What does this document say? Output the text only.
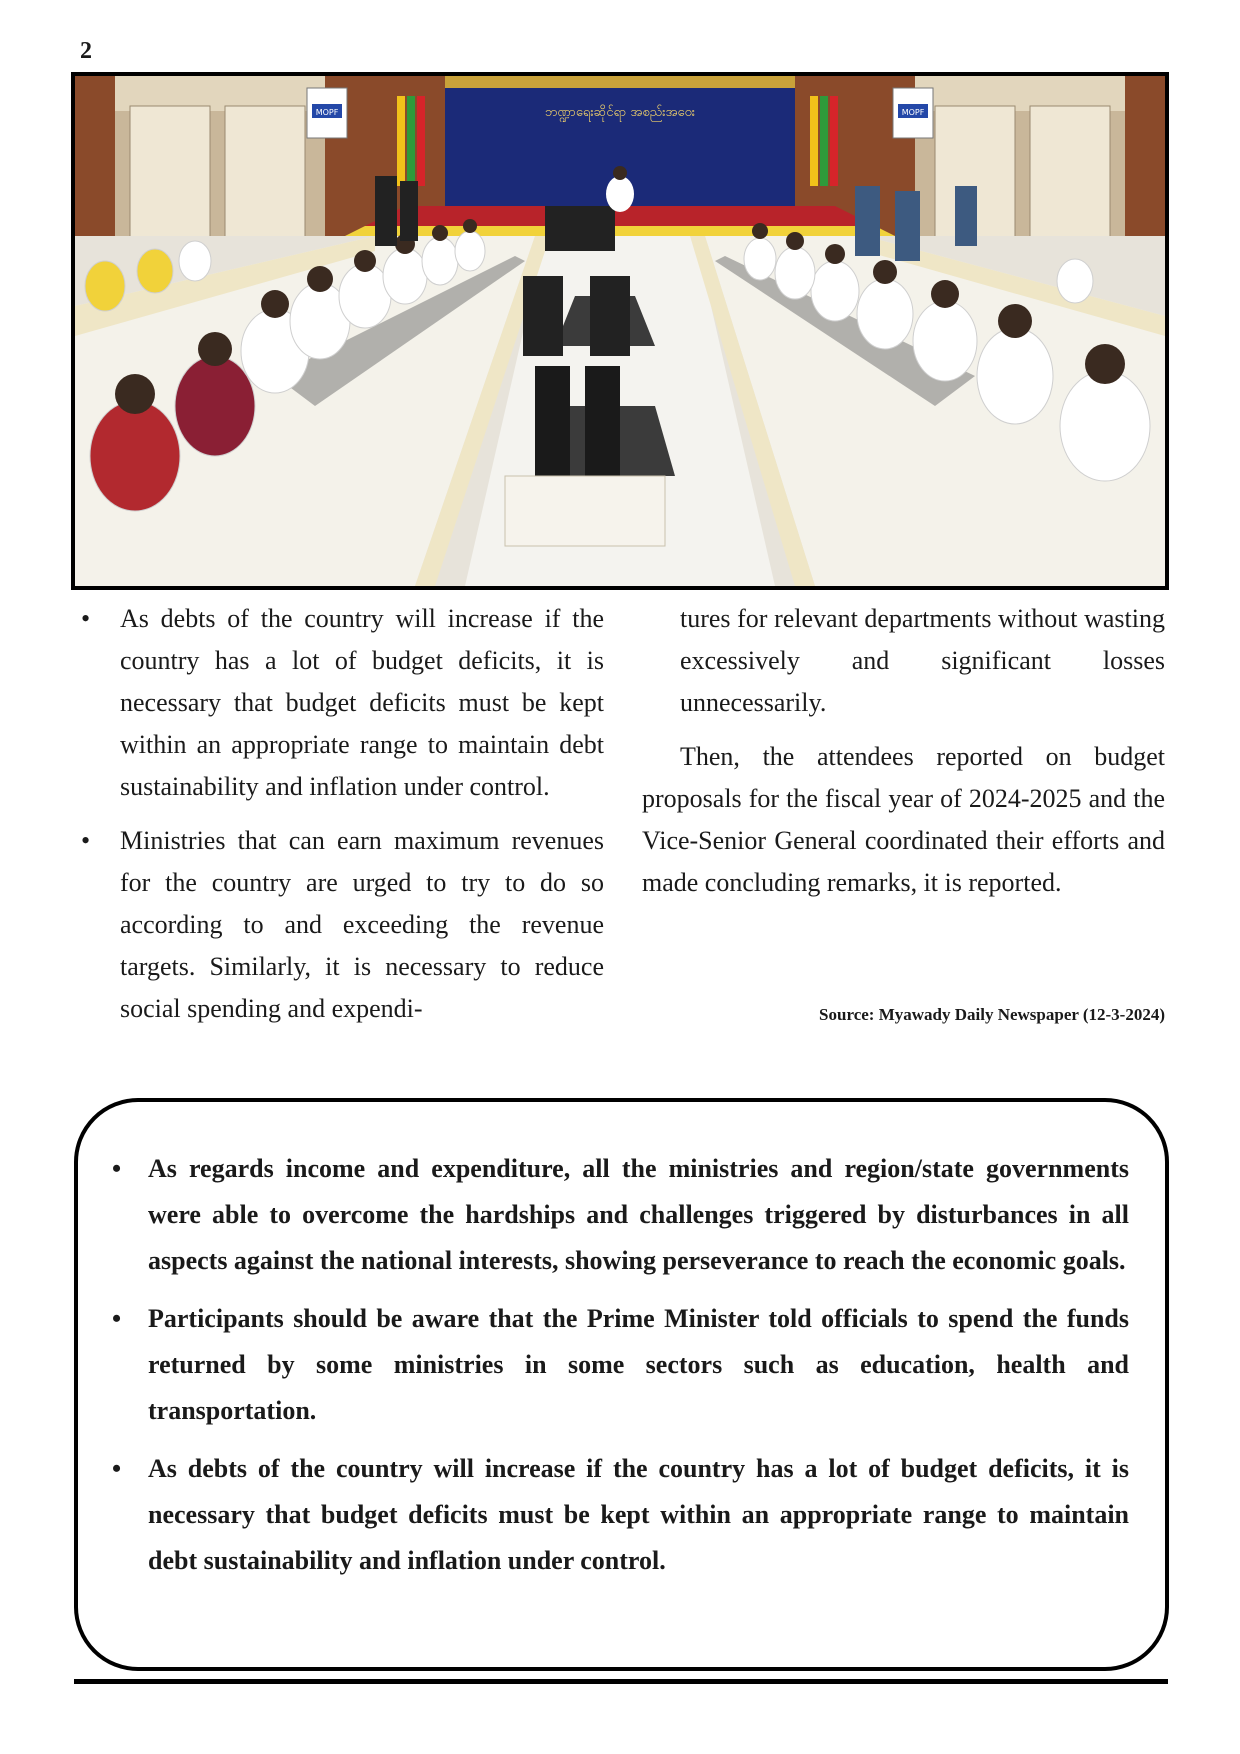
2
ဘဏ္ဍာရေးဆိုင်ရာ အစည်းအဝေး
MOPF	MOPF
• As debts of the country will increase if the country has a lot of budget deficits, it is necessary that budget deficits must be kept within an appropriate range to maintain debt sustainability and inflation under control.
• Ministries that can earn maximum revenues for the country are urged to try to do so according to and exceeding the revenue targets. Similarly, it is necessary to reduce social spending and expendi-

tures for relevant departments without wasting excessively and significant losses unnecessarily.

Then, the attendees reported on budget proposals for the fiscal year of 2024-2025 and the Vice-Senior General coordinated their efforts and made concluding remarks, it is reported.

Source: Myawady Daily Newspaper (12-3-2024)
• As regards income and expenditure, all the ministries and region/state governments were able to overcome the hardships and challenges triggered by disturbances in all aspects against the national interests, showing perseverance to reach the economic goals.
• Participants should be aware that the Prime Minister told officials to spend the funds returned by some ministries in some sectors such as education, health and transportation.
• As debts of the country will increase if the country has a lot of budget deficits, it is necessary that budget deficits must be kept within an appropriate range to maintain debt sustainability and inflation under control.
